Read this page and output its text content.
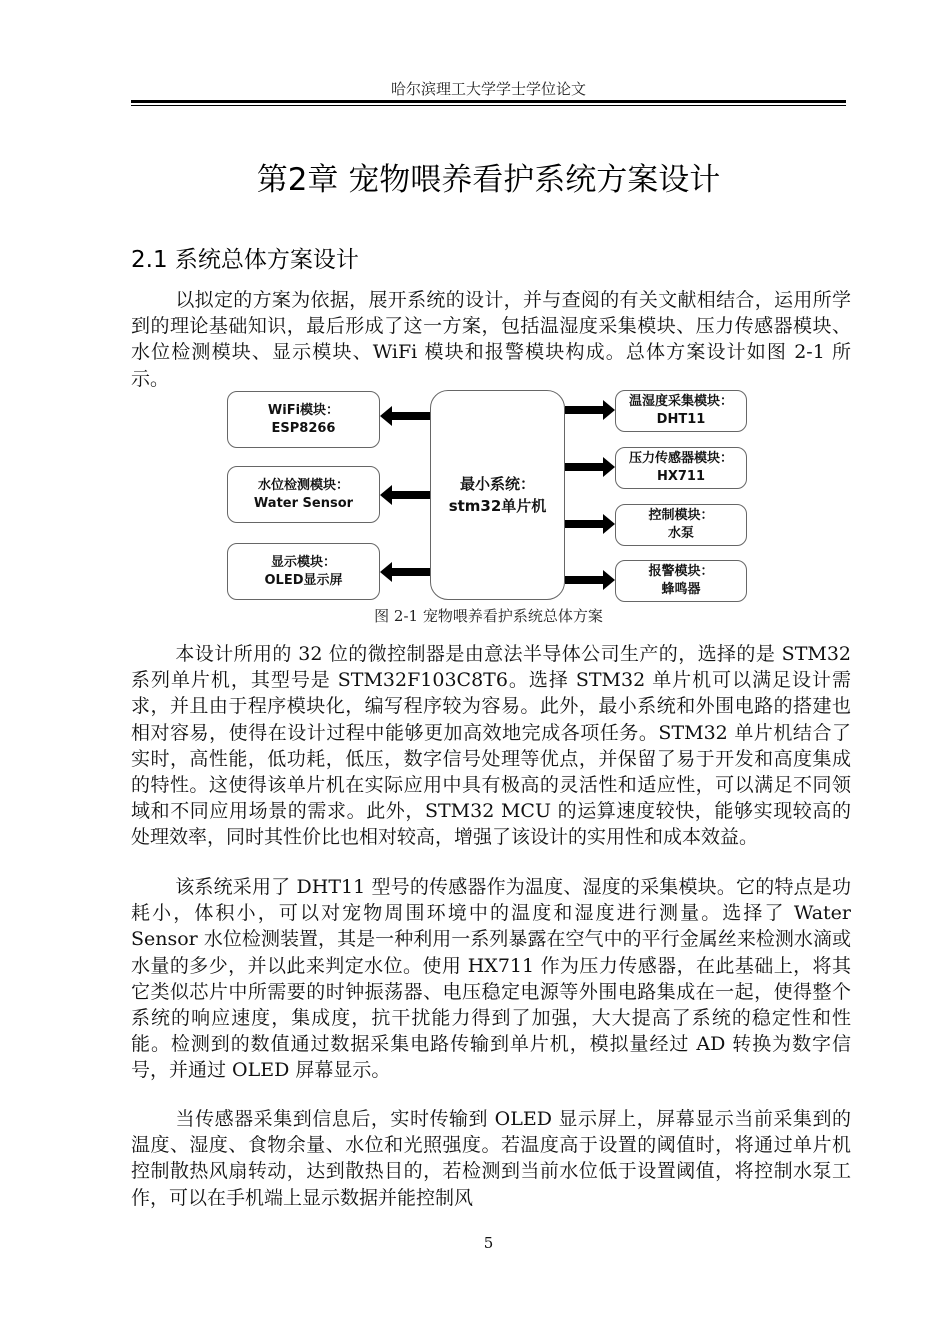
哈尔滨理工大学学士学位论文
第2章 宠物喂养看护系统方案设计
2.1 系统总体方案设计
以拟定的方案为依据，展开系统的设计，并与查阅的有关文献相结合，运用所学到的理论基础知识，最后形成了这一方案，包括温湿度采集模块、压力传感器模块、水位检测模块、显示模块、WiFi 模块和报警模块构成。总体方案设计如图 2-1 所示。
WiFi模块：
ESP8266
水位检测模块：
Water Sensor
显示模块：
OLED显示屏
最小系统：
stm32单片机
温湿度采集模块：
DHT11
压力传感器模块：
HX711
控制模块：
水泵
报警模块：
蜂鸣器
图 2-1 宠物喂养看护系统总体方案
本设计所用的 32 位的微控制器是由意法半导体公司生产的，选择的是 STM32 系列单片机，其型号是 STM32F103C8T6。选择 STM32 单片机可以满足设计需求，并且由于程序模块化，编写程序较为容易。此外，最小系统和外围电路的搭建也相对容易，使得在设计过程中能够更加高效地完成各项任务。STM32 单片机结合了实时，高性能，低功耗，低压，数字信号处理等优点，并保留了易于开发和高度集成的特性。这使得该单片机在实际应用中具有极高的灵活性和适应性，可以满足不同领域和不同应用场景的需求。此外，STM32 MCU 的运算速度较快，能够实现较高的处理效率，同时其性价比也相对较高，增强了该设计的实用性和成本效益。
该系统采用了 DHT11 型号的传感器作为温度、湿度的采集模块。它的特点是功耗小，体积小，可以对宠物周围环境中的温度和湿度进行测量。选择了 Water Sensor 水位检测装置，其是一种利用一系列暴露在空气中的平行金属丝来检测水滴或水量的多少，并以此来判定水位。使用 HX711 作为压力传感器，在此基础上，将其它类似芯片中所需要的时钟振荡器、电压稳定电源等外围电路集成在一起，使得整个系统的响应速度，集成度，抗干扰能力得到了加强，大大提高了系统的稳定性和性能。检测到的数值通过数据采集电路传输到单片机，模拟量经过 AD 转换为数字信号，并通过 OLED 屏幕显示。
当传感器采集到信息后，实时传输到 OLED 显示屏上，屏幕显示当前采集到的温度、湿度、食物余量、水位和光照强度。若温度高于设置的阈值时，将通过单片机控制散热风扇转动，达到散热目的，若检测到当前水位低于设置阈值，将控制水泵工作，可以在手机端上显示数据并能控制风
5
